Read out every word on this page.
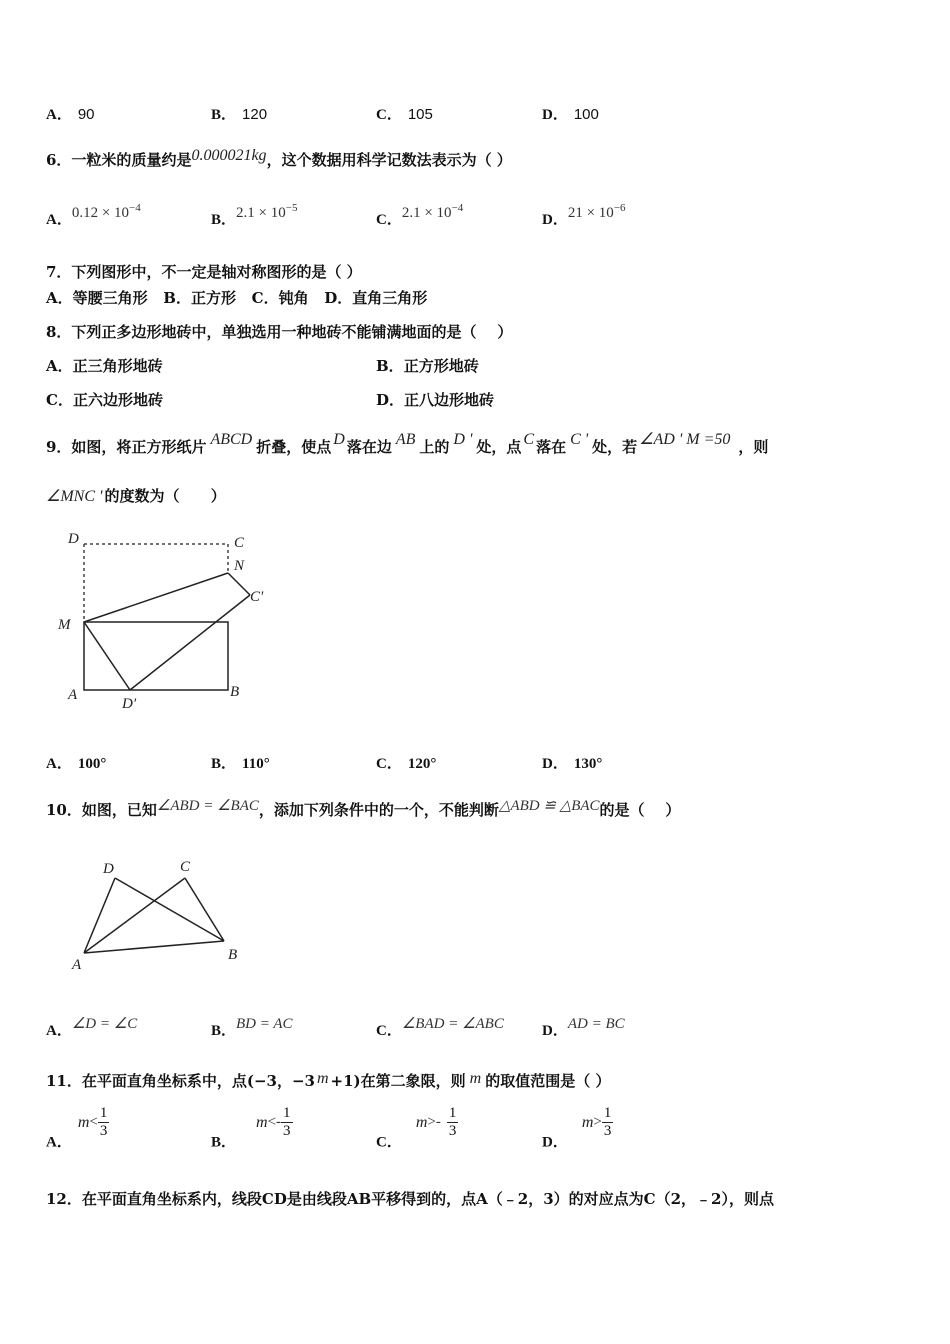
A． 90	B． 120	C． 105	D． 100
6．一粒米的质量约是0.000021kg，这个数据用科学记数法表示为（ ）
A．$0.12 \times 10^{-4}$
B．$2.1 \times 10^{-5}$
C．$2.1 \times 10^{-4}$
D．$21 \times 10^{-6}$
7．下列图形中，不一定是轴对称图形的是（ ）
A．等腰三角形   B．正方形   C．钝角   D．直角三角形
8．下列正多边形地砖中，单独选用一种地砖不能铺满地面的是（    ）
A．正三角形地砖	B．正方形地砖
C．正六边形地砖	D．正八边形地砖
9．如图，将正方形纸片 ABCD 折叠，使点 D 落在边 AB 上的 D ' 处，点 C 落在 C ' 处，若 ∠AD ' M =50 ，则
∠MNC ' 的度数为（      ）
D	C
N
C'
M
A
D'
B
A． 100°	B． 110°	C． 120°	D． 130°
10．如图，已知∠ABD = ∠BAC，添加下列条件中的一个，不能判断△ABD ≌ △BAC的是（    ）
D	C
A
B
A．∠D = ∠C	B．BD = AC	C．∠BAD = ∠ABC	D．AD = BC
11．在平面直角坐标系中，点(−3，−3 m +1)在第二象限，则 m 的取值范围是（ ）
A．$m< \frac{1}{3}$
B．$m<- \frac{1}{3}$
C．$m>- \frac{1}{3}$
D．$m> \frac{1}{3}$
12．在平面直角坐标系内，线段CD是由线段AB平移得到的，点A（﹣2，3）的对应点为C（2，﹣2），则点
